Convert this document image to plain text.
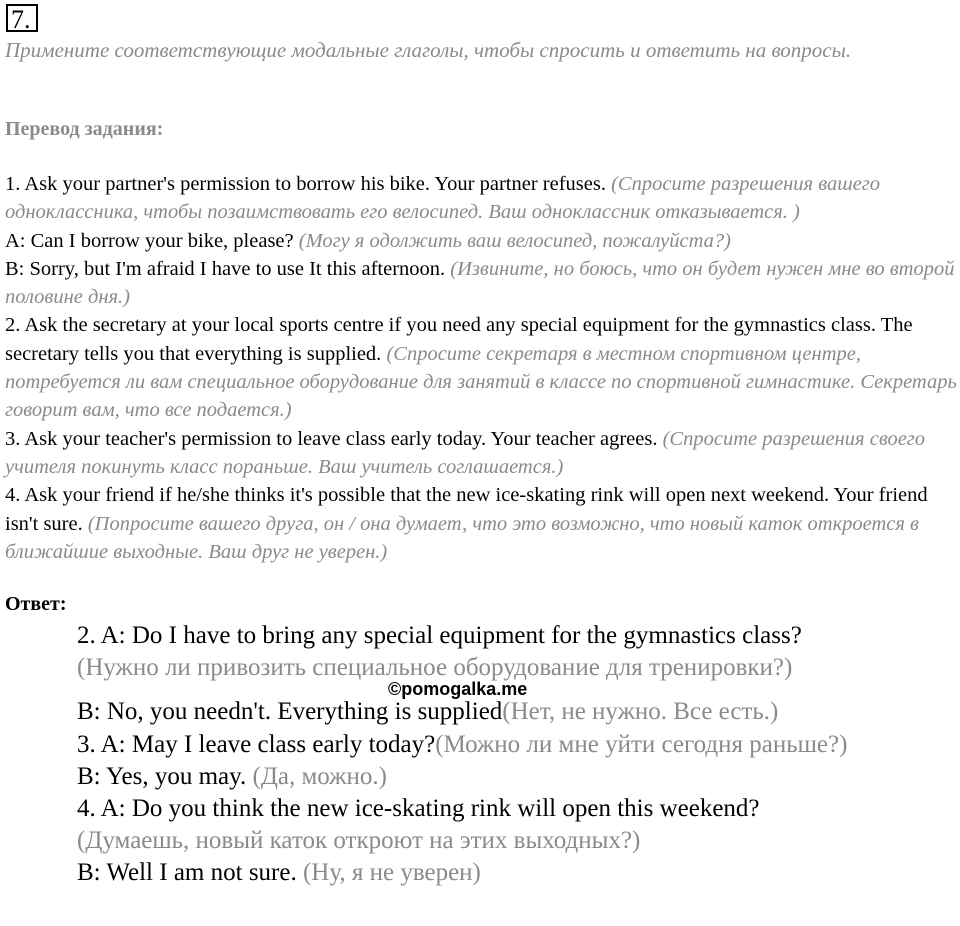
7.
Примените соответствующие модальные глаголы, чтобы спросить и ответить на вопросы.
Перевод задания:

1. Ask your partner's permission to borrow his bike. Your partner refuses. (Спросите разрешения вашего одноклассника, чтобы позаимствовать его велосипед. Ваш одноклассник отказывается. )

A: Can I borrow your bike, please? (Могу я одолжить ваш велосипед, пожалуйста?)

B: Sorry, but I'm afraid I have to use It this afternoon. (Извините, но боюсь, что он будет нужен мне во второй половине дня.)

2. Ask the secretary at your local sports centre if you need any special equipment for the gymnastics class. The secretary tells you that everything is supplied. (Спросите секретаря в местном спортивном центре, потребуется ли вам специальное оборудование для занятий в классе по спортивной гимнастике. Секретарь говорит вам, что все подается.)

3. Ask your teacher's permission to leave class early today. Your teacher agrees. (Спросите разрешения своего учителя покинуть класс пораньше. Ваш учитель соглашается.)

4. Ask your friend if he/she thinks it's possible that the new ice-skating rink will open next weekend. Your friend isn't sure. (Попросите вашего друга, он / она думает, что это возможно, что новый каток откроется в ближайшие выходные. Ваш друг не уверен.)

Ответ:

2. A: Do I have to bring any special equipment for the gymnastics class?
(Нужно ли привозить специальное оборудование для тренировки?)

B: No, you needn't. Everything is supplied(Нет, не нужно. Все есть.)

3. A: May I leave class early today?(Можно ли мне уйти сегодня раньше?)

B: Yes, you may. (Да, можно.)

4. A: Do you think the new ice-skating rink will open this weekend?
(Думаешь, новый каток откроют на этих выходных?)

B: Well I am not sure. (Ну, я не уверен)

©pomogalka.me
